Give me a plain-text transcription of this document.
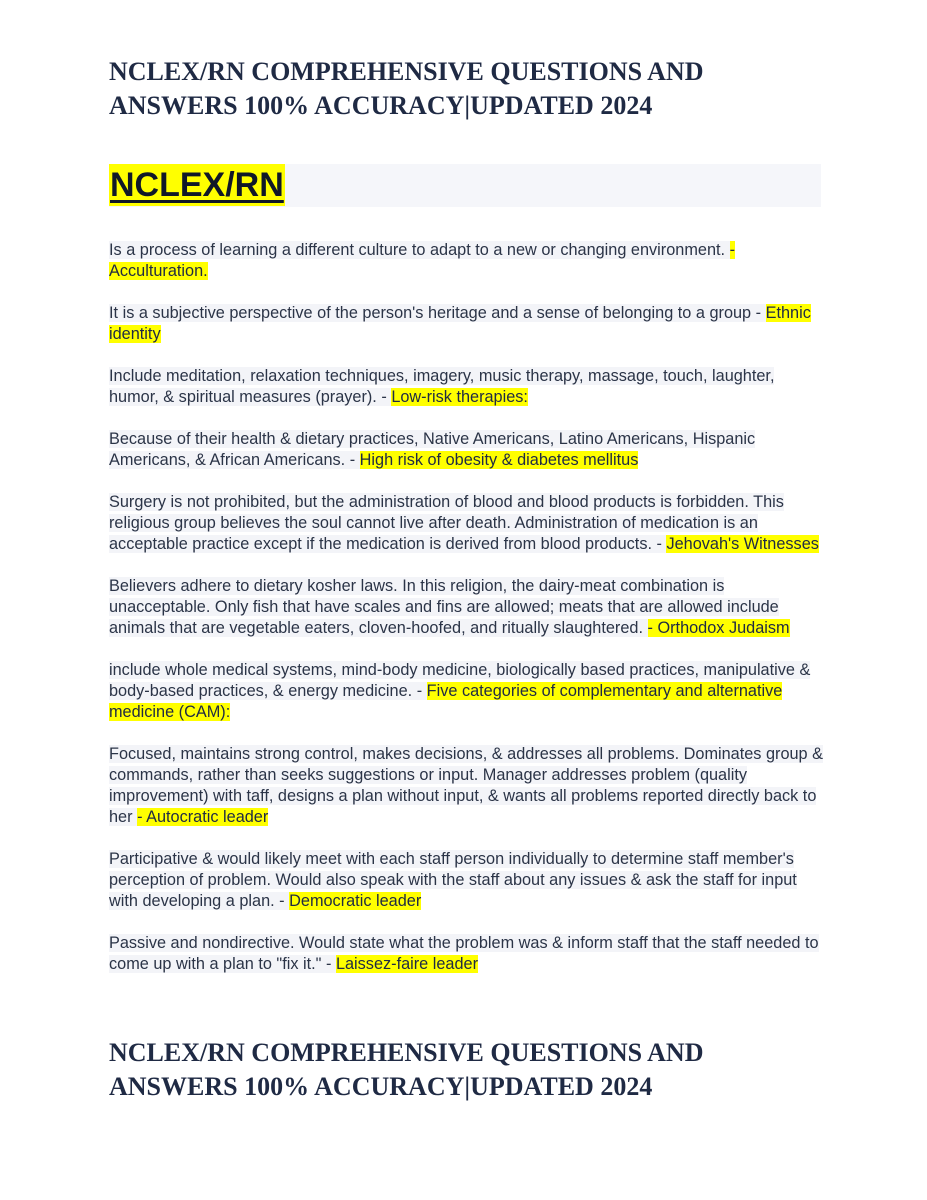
NCLEX/RN COMPREHENSIVE QUESTIONS AND
ANSWERS 100% ACCURACY|UPDATED 2024
NCLEX/RN

Is a process of learning a different culture to adapt to a new or changing environment. - Acculturation.

It is a subjective perspective of the person's heritage and a sense of belonging to a group - Ethnic identity

Include meditation, relaxation techniques, imagery, music therapy, massage, touch, laughter, humor, & spiritual measures (prayer). - Low-risk therapies:

Because of their health & dietary practices, Native Americans, Latino Americans, Hispanic Americans, & African Americans. - High risk of obesity & diabetes mellitus

Surgery is not prohibited, but the administration of blood and blood products is forbidden. This religious group believes the soul cannot live after death. Administration of medication is an acceptable practice except if the medication is derived from blood products. - Jehovah's Witnesses

Believers adhere to dietary kosher laws. In this religion, the dairy-meat combination is unacceptable. Only fish that have scales and fins are allowed; meats that are allowed include animals that are vegetable eaters, cloven-hoofed, and ritually slaughtered. - Orthodox Judaism

include whole medical systems, mind-body medicine, biologically based practices, manipulative & body-based practices, & energy medicine. - Five categories of complementary and alternative medicine (CAM):

Focused, maintains strong control, makes decisions, & addresses all problems. Dominates group & commands, rather than seeks suggestions or input. Manager addresses problem (quality improvement) with taff, designs a plan without input, & wants all problems reported directly back to her - Autocratic leader

Participative & would likely meet with each staff person individually to determine staff member's perception of problem. Would also speak with the staff about any issues & ask the staff for input with developing a plan. - Democratic leader

Passive and nondirective. Would state what the problem was & inform staff that the staff needed to come up with a plan to "fix it." - Laissez-faire leader

NCLEX/RN COMPREHENSIVE QUESTIONS AND
ANSWERS 100% ACCURACY|UPDATED 2024
